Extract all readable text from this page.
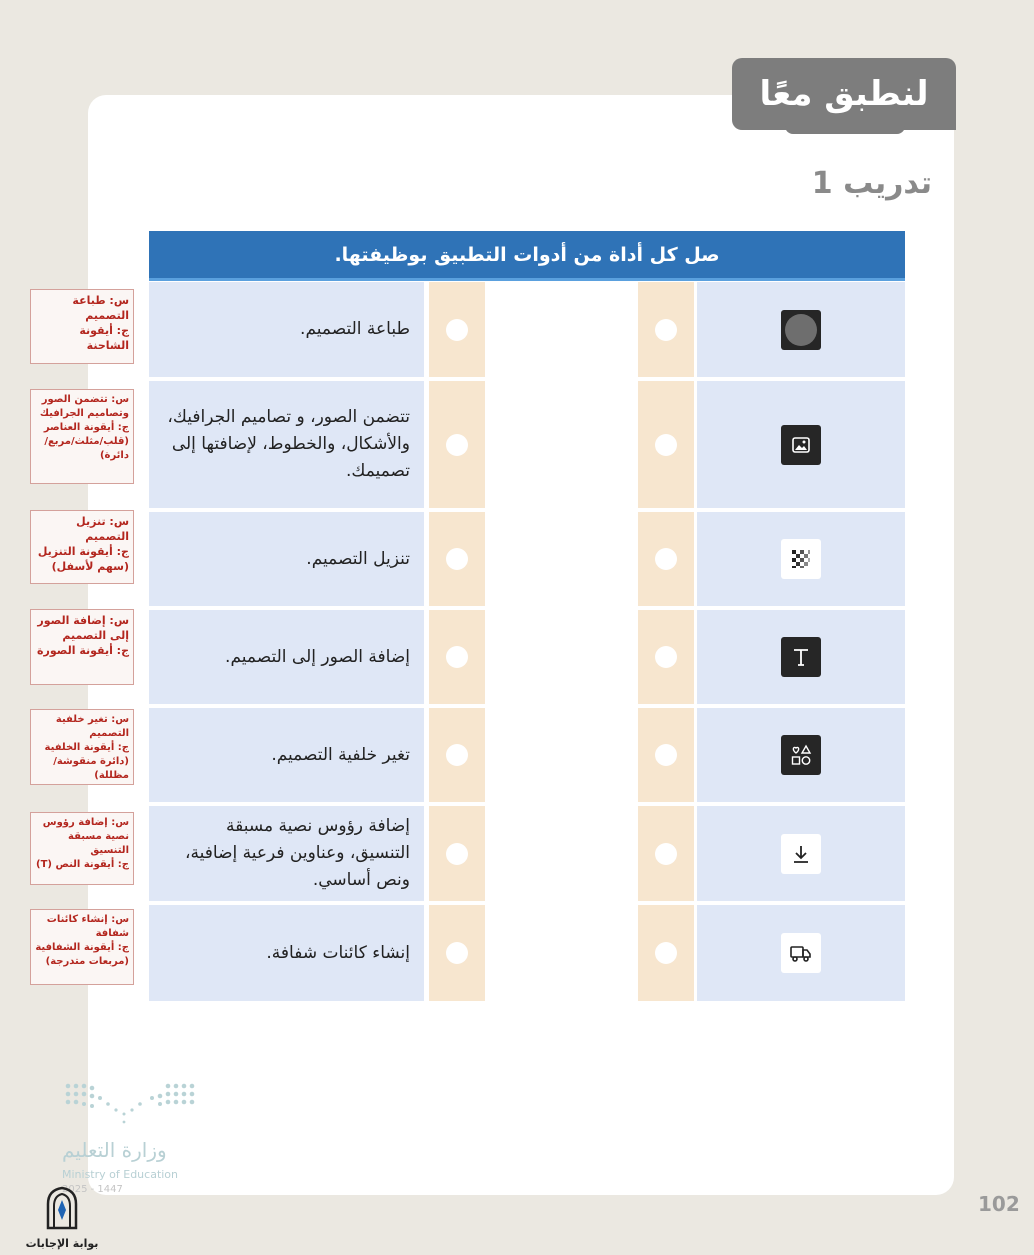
لنطبق معًا
تدريب 1
صل كل أداة من أدوات التطبيق بوظيفتها.
طباعة التصميم.
تتضمن الصور، و تصاميم الجرافيك، والأشكال، والخطوط، لإضافتها إلى تصميمك.
تنزيل التصميم.
إضافة الصور إلى التصميم.
تغير خلفية التصميم.
إضافة رؤوس نصية مسبقة التنسيق، وعناوين فرعية إضافية، ونص أساسي.
إنشاء كائنات شفافة.
س: طباعة التصميم
ج: أيقونة الشاحنة
س: تتضمن الصور وتصاميم الجرافيك
ج: أيقونة العناصر (قلب/مثلث/مربع/دائرة)
س: تنزيل التصميم
ج: أيقونة التنزيل (سهم لأسفل)
س: إضافة الصور إلى التصميم
ج: أيقونة الصورة
س: تغير خلفية التصميم
ج: أيقونة الخلفية (دائرة منقوشة/مظللة)
س: إضافة رؤوس نصية مسبقة التنسيق
ج: أيقونة النص (T)
س: إنشاء كائنات شفافة
ج: أيقونة الشفافية (مربعات متدرجة)
وزارة التعليم
Ministry of Education
2025 - 1447
بوابة الإجابات
102
